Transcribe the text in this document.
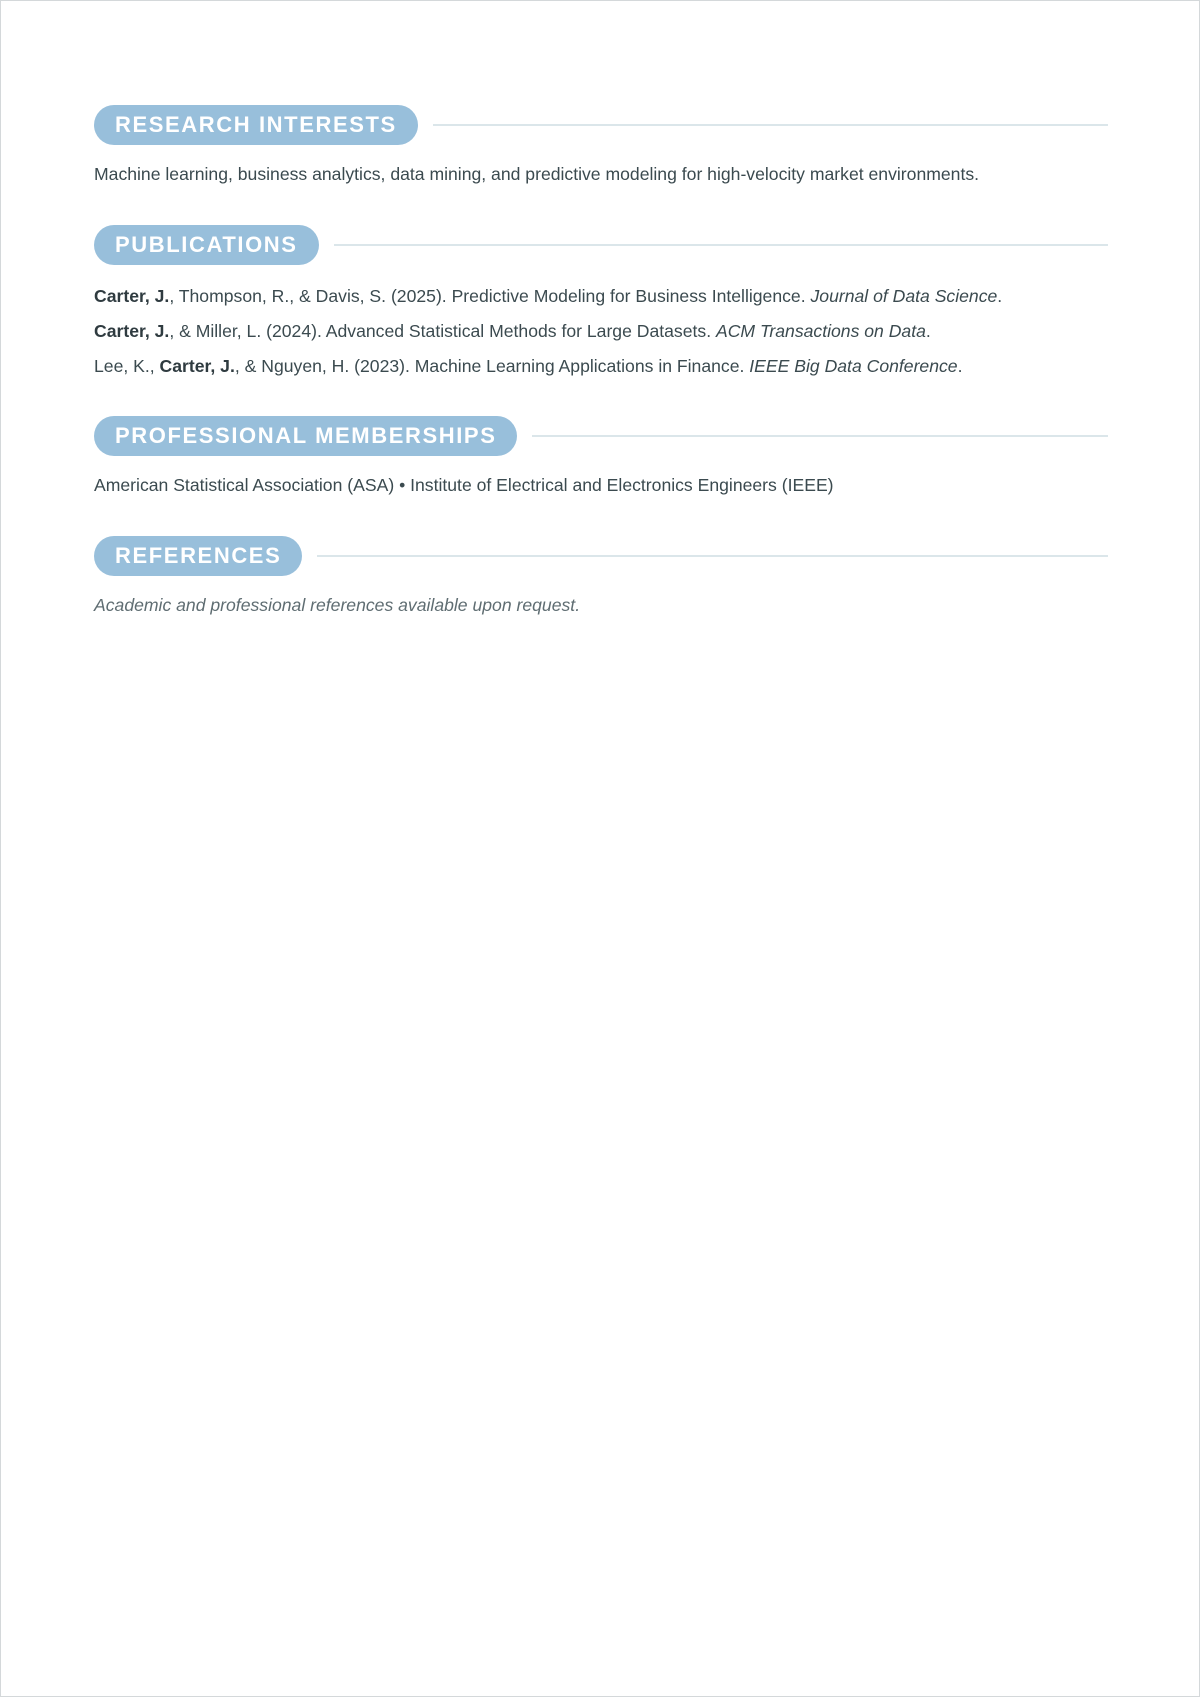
RESEARCH INTERESTS
Machine learning, business analytics, data mining, and predictive modeling for high-velocity market environments.
PUBLICATIONS
Carter, J., Thompson, R., & Davis, S. (2025). Predictive Modeling for Business Intelligence. Journal of Data Science.
Carter, J., & Miller, L. (2024). Advanced Statistical Methods for Large Datasets. ACM Transactions on Data.
Lee, K., Carter, J., & Nguyen, H. (2023). Machine Learning Applications in Finance. IEEE Big Data Conference.
PROFESSIONAL MEMBERSHIPS
American Statistical Association (ASA) • Institute of Electrical and Electronics Engineers (IEEE)
REFERENCES
Academic and professional references available upon request.
